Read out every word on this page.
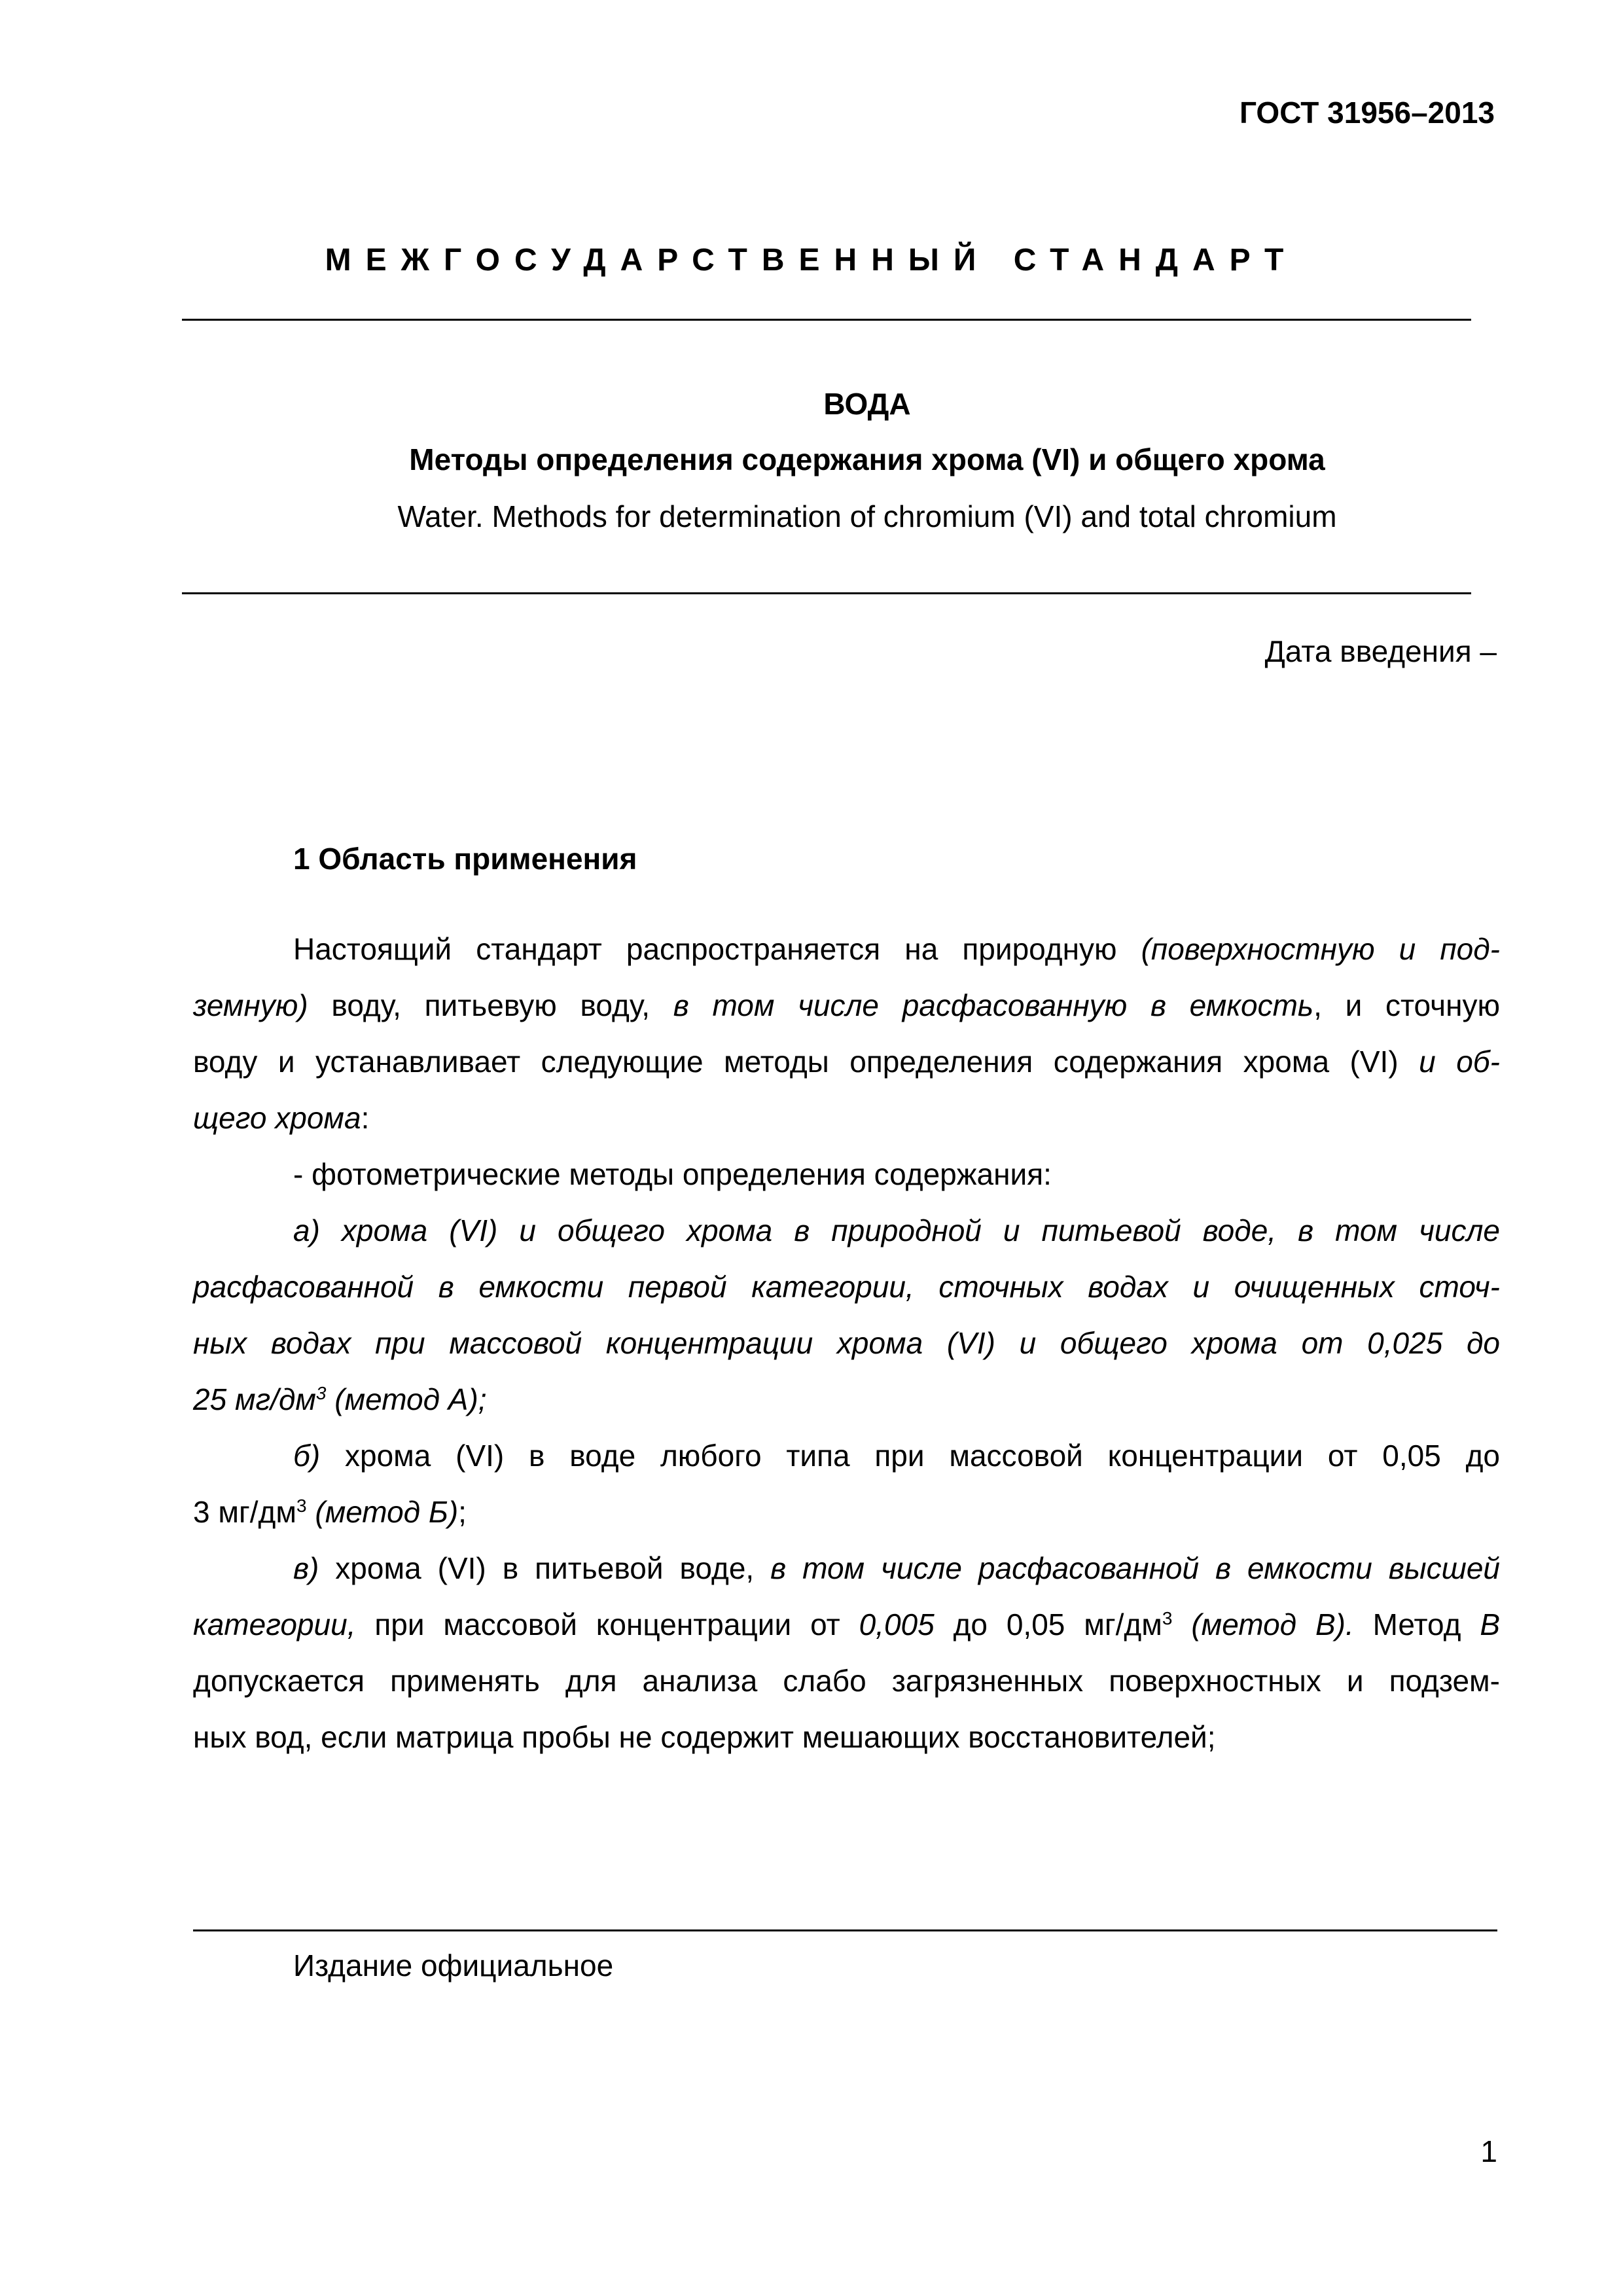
ГОСТ 31956–2013
МЕЖГОСУДАРСТВЕННЫЙ СТАНДАРТ
ВОДА
Методы определения содержания хрома (VI) и общего хрома
Water. Methods for determination of chromium (VI) and total chromium
Дата введения –
1 Область применения
Настоящий стандарт распространяется на природную (поверхностную и под-
земную) воду, питьевую воду, в том числе расфасованную в емкость, и сточную
воду и устанавливает следующие методы определения содержания хрома (VI) и об-
щего хрома:
- фотометрические методы определения содержания:
а) хрома (VI) и общего хрома в природной и питьевой воде, в том числе
расфасованной в емкости первой категории, сточных водах и очищенных сточ-
ных водах при массовой концентрации хрома (VI) и общего хрома от 0,025 до
25 $мг/дм^3$ (метод А);
б) хрома (VI) в воде любого типа при массовой концентрации от 0,05 до
3 $мг/дм^3$ (метод Б);
в) хрома (VI) в питьевой воде, в том числе расфасованной в емкости высшей
категории, при массовой концентрации от 0,005 до 0,05 $мг/дм^3$ (метод В). Метод В
допускается применять для анализа слабо загрязненных поверхностных и подзем-
ных вод, если матрица пробы не содержит мешающих восстановителей;
Издание официальное
1
